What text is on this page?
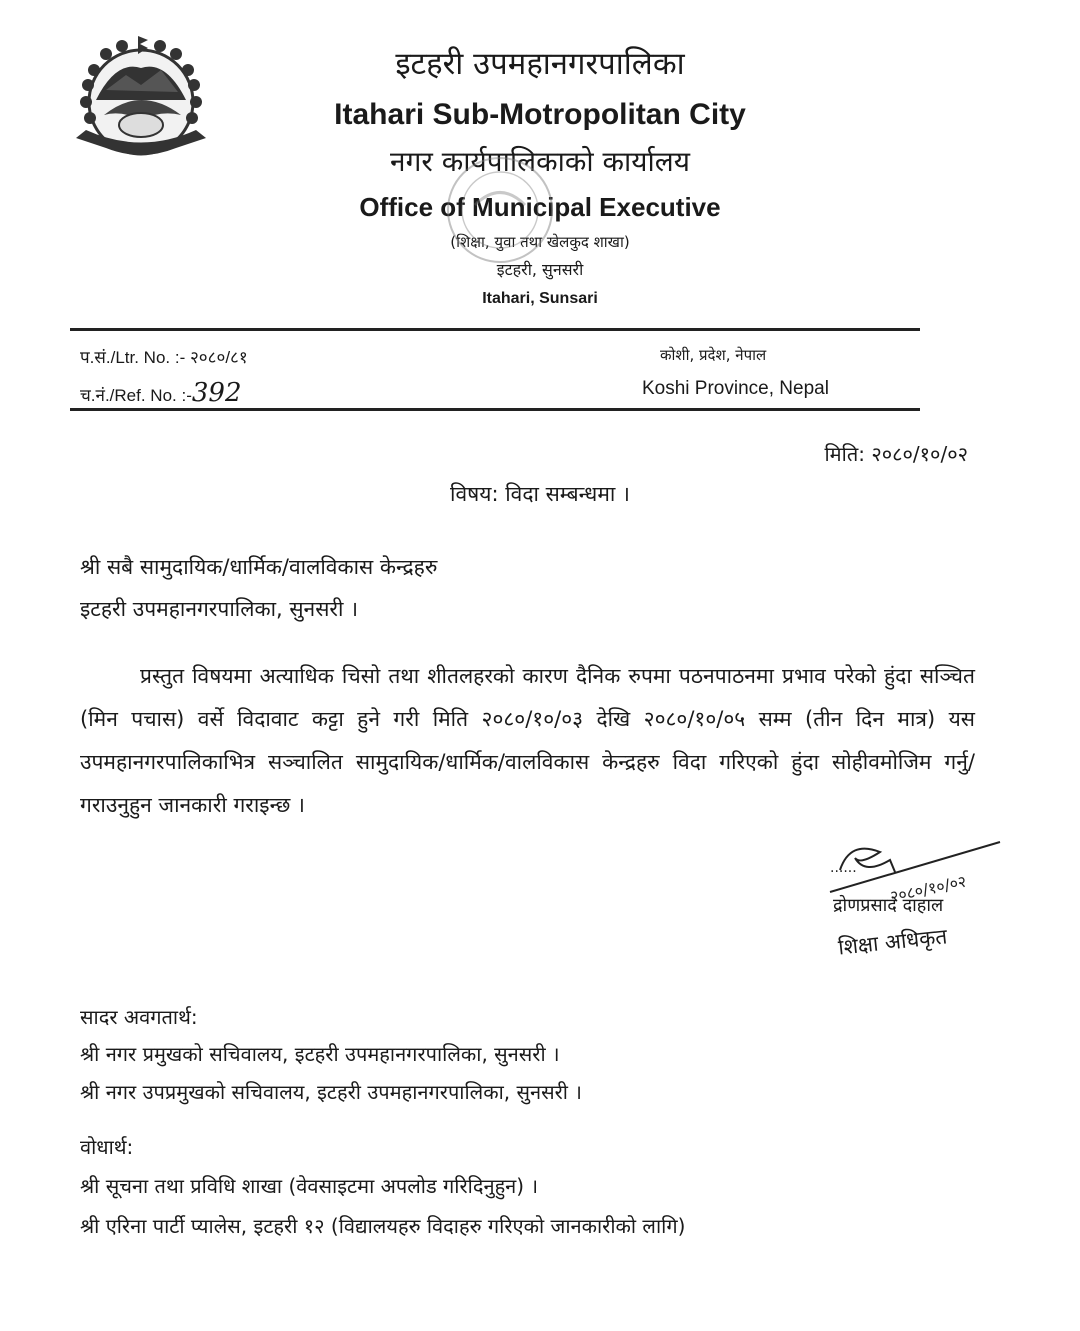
इटहरी उपमहानगरपालिका
Itahari Sub-Motropolitan City
नगर कार्यपालिकाको कार्यालय
Office of Municipal Executive
(शिक्षा, युवा तथा खेलकुद शाखा)
इटहरी, सुनसरी
Itahari, Sunsari
प.सं./Ltr. No. :- २०८०/८१
च.नं./Ref. No. :-392
कोशी, प्रदेश, नेपाल
Koshi Province, Nepal
मिति: २०८०/१०/०२
विषय: विदा सम्बन्धमा ।
श्री सबै सामुदायिक/धार्मिक/वालविकास केन्द्रहरु
इटहरी उपमहानगरपालिका, सुनसरी ।
प्रस्तुत विषयमा अत्याधिक चिसो तथा शीतलहरको कारण दैनिक रुपमा पठनपाठनमा प्रभाव परेको हुंदा सञ्चित (मिन पचास) वर्से विदावाट कट्टा हुने गरी मिति २०८०/१०/०३ देखि २०८०/१०/०५ सम्म (तीन दिन मात्र) यस उपमहानगरपालिकाभित्र सञ्चालित सामुदायिक/धार्मिक/वालविकास केन्द्रहरु विदा गरिएको हुंदा सोहीवमोजिम गर्नु/गराउनुहुन जानकारी गराइन्छ ।
......
२०८०/१०/०२
द्रोणप्रसाद दाहाल
शिक्षा अधिकृत
सादर अवगतार्थ:
श्री नगर प्रमुखको सचिवालय, इटहरी उपमहानगरपालिका, सुनसरी ।
श्री नगर उपप्रमुखको सचिवालय, इटहरी उपमहानगरपालिका, सुनसरी ।
वोधार्थ:
श्री सूचना तथा प्रविधि शाखा (वेवसाइटमा अपलोड गरिदिनुहुन) ।
श्री एरिना पार्टी प्यालेस, इटहरी १२ (विद्यालयहरु विदाहरु गरिएको जानकारीको लागि)
